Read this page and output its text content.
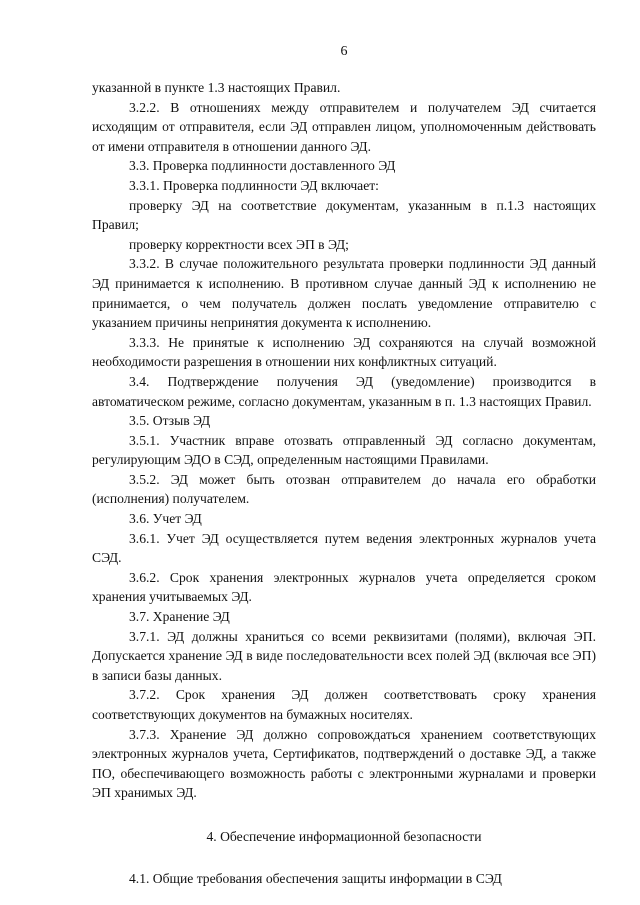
6

указанной в пункте 1.3 настоящих Правил.

3.2.2. В отношениях между отправителем и получателем ЭД считается исходящим от отправителя, если ЭД отправлен лицом, уполномоченным действовать от имени отправителя в отношении данного ЭД.

3.3. Проверка подлинности доставленного ЭД

3.3.1. Проверка подлинности ЭД включает:

проверку ЭД на соответствие документам, указанным в п.1.3 настоящих Правил;

проверку корректности всех ЭП в ЭД;

3.3.2. В случае положительного результата проверки подлинности ЭД данный ЭД принимается к исполнению. В противном случае данный ЭД к исполнению не принимается, о чем получатель должен послать уведомление отправителю с указанием причины непринятия документа к исполнению.

3.3.3. Не принятые к исполнению ЭД сохраняются на случай возможной необходимости разрешения в отношении них конфликтных ситуаций.

3.4. Подтверждение получения ЭД (уведомление) производится в автоматическом режиме, согласно документам, указанным в п. 1.3 настоящих Правил.

3.5. Отзыв ЭД

3.5.1. Участник вправе отозвать отправленный ЭД согласно документам, регулирующим ЭДО в СЭД, определенным настоящими Правилами.

3.5.2. ЭД может быть отозван отправителем до начала его обработки (исполнения) получателем.

3.6. Учет ЭД

3.6.1. Учет ЭД осуществляется путем ведения электронных журналов учета СЭД.

3.6.2. Срок хранения электронных журналов учета определяется сроком хранения учитываемых ЭД.

3.7. Хранение ЭД

3.7.1. ЭД должны храниться со всеми реквизитами (полями), включая ЭП. Допускается хранение ЭД в виде последовательности всех полей ЭД (включая все ЭП) в записи базы данных.

3.7.2. Срок хранения ЭД должен соответствовать сроку хранения соответствующих документов на бумажных носителях.

3.7.3. Хранение ЭД должно сопровождаться хранением соответствующих электронных журналов учета, Сертификатов, подтверждений о доставке ЭД, а также ПО, обеспечивающего возможность работы с электронными журналами и проверки ЭП хранимых ЭД.

4. Обеспечение информационной безопасности
4.1. Общие требования обеспечения защиты информации в СЭД
